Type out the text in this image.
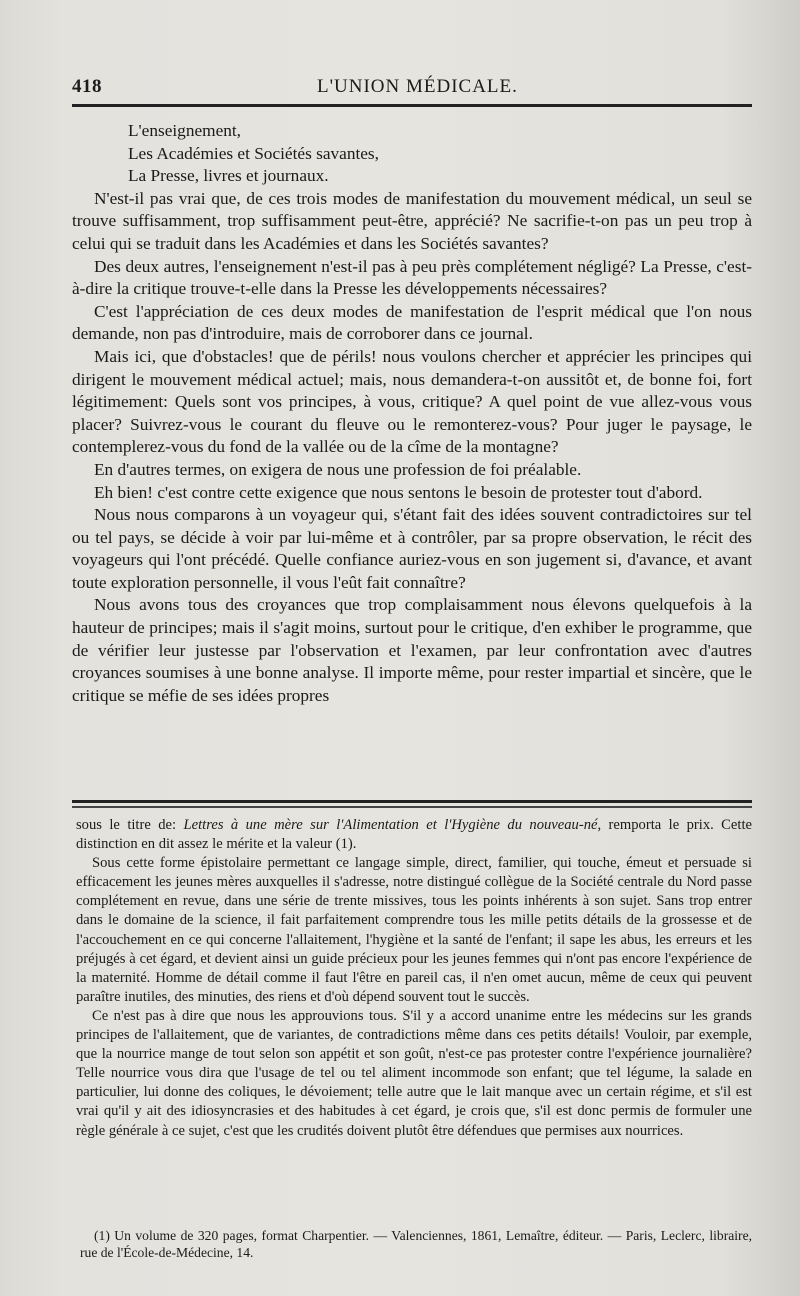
418	L'UNION MÉDICALE.

L'enseignement,

Les Académies et Sociétés savantes,

La Presse, livres et journaux.

N'est-il pas vrai que, de ces trois modes de manifestation du mouvement médical, un seul se trouve suffisamment, trop suffisamment peut-être, apprécié? Ne sacrifie-t-on pas un peu trop à celui qui se traduit dans les Académies et dans les Sociétés savantes?

Des deux autres, l'enseignement n'est-il pas à peu près complétement négligé? La Presse, c'est-à-dire la critique trouve-t-elle dans la Presse les développements nécessaires?

C'est l'appréciation de ces deux modes de manifestation de l'esprit médical que l'on nous demande, non pas d'introduire, mais de corroborer dans ce journal.

Mais ici, que d'obstacles! que de périls! nous voulons chercher et apprécier les principes qui dirigent le mouvement médical actuel; mais, nous demandera-t-on aussitôt et, de bonne foi, fort légitimement: Quels sont vos principes, à vous, critique? A quel point de vue allez-vous vous placer? Suivrez-vous le courant du fleuve ou le remonterez-vous? Pour juger le paysage, le contemplerez-vous du fond de la vallée ou de la cîme de la montagne?

En d'autres termes, on exigera de nous une profession de foi préalable.

Eh bien! c'est contre cette exigence que nous sentons le besoin de protester tout d'abord.

Nous nous comparons à un voyageur qui, s'étant fait des idées souvent contradictoires sur tel ou tel pays, se décide à voir par lui-même et à contrôler, par sa propre observation, le récit des voyageurs qui l'ont précédé. Quelle confiance auriez-vous en son jugement si, d'avance, et avant toute exploration personnelle, il vous l'eût fait connaître?

Nous avons tous des croyances que trop complaisamment nous élevons quelquefois à la hauteur de principes; mais il s'agit moins, surtout pour le critique, d'en exhiber le programme, que de vérifier leur justesse par l'observation et l'examen, par leur confrontation avec d'autres croyances soumises à une bonne analyse. Il importe même, pour rester impartial et sincère, que le critique se méfie de ses idées propres

sous le titre de: Lettres à une mère sur l'Alimentation et l'Hygiène du nouveau-né, remporta le prix. Cette distinction en dit assez le mérite et la valeur (1).

Sous cette forme épistolaire permettant ce langage simple, direct, familier, qui touche, émeut et persuade si efficacement les jeunes mères auxquelles il s'adresse, notre distingué collègue de la Société centrale du Nord passe complétement en revue, dans une série de trente missives, tous les points inhérents à son sujet. Sans trop entrer dans le domaine de la science, il fait parfaitement comprendre tous les mille petits détails de la grossesse et de l'accouchement en ce qui concerne l'allaitement, l'hygiène et la santé de l'enfant; il sape les abus, les erreurs et les préjugés à cet égard, et devient ainsi un guide précieux pour les jeunes femmes qui n'ont pas encore l'expérience de la maternité. Homme de détail comme il faut l'être en pareil cas, il n'en omet aucun, même de ceux qui peuvent paraître inutiles, des minuties, des riens et d'où dépend souvent tout le succès.

Ce n'est pas à dire que nous les approuvions tous. S'il y a accord unanime entre les médecins sur les grands principes de l'allaitement, que de variantes, de contradictions même dans ces petits détails! Vouloir, par exemple, que la nourrice mange de tout selon son appétit et son goût, n'est-ce pas protester contre l'expérience journalière? Telle nourrice vous dira que l'usage de tel ou tel aliment incommode son enfant; que tel légume, la salade en particulier, lui donne des coliques, le dévoiement; telle autre que le lait manque avec un certain régime, et s'il est vrai qu'il y ait des idiosyncrasies et des habitudes à cet égard, je crois que, s'il est donc permis de formuler une règle générale à ce sujet, c'est que les crudités doivent plutôt être défendues que permises aux nourrices.

(1) Un volume de 320 pages, format Charpentier. — Valenciennes, 1861, Lemaître, éditeur. — Paris, Leclerc, libraire, rue de l'École-de-Médecine, 14.
